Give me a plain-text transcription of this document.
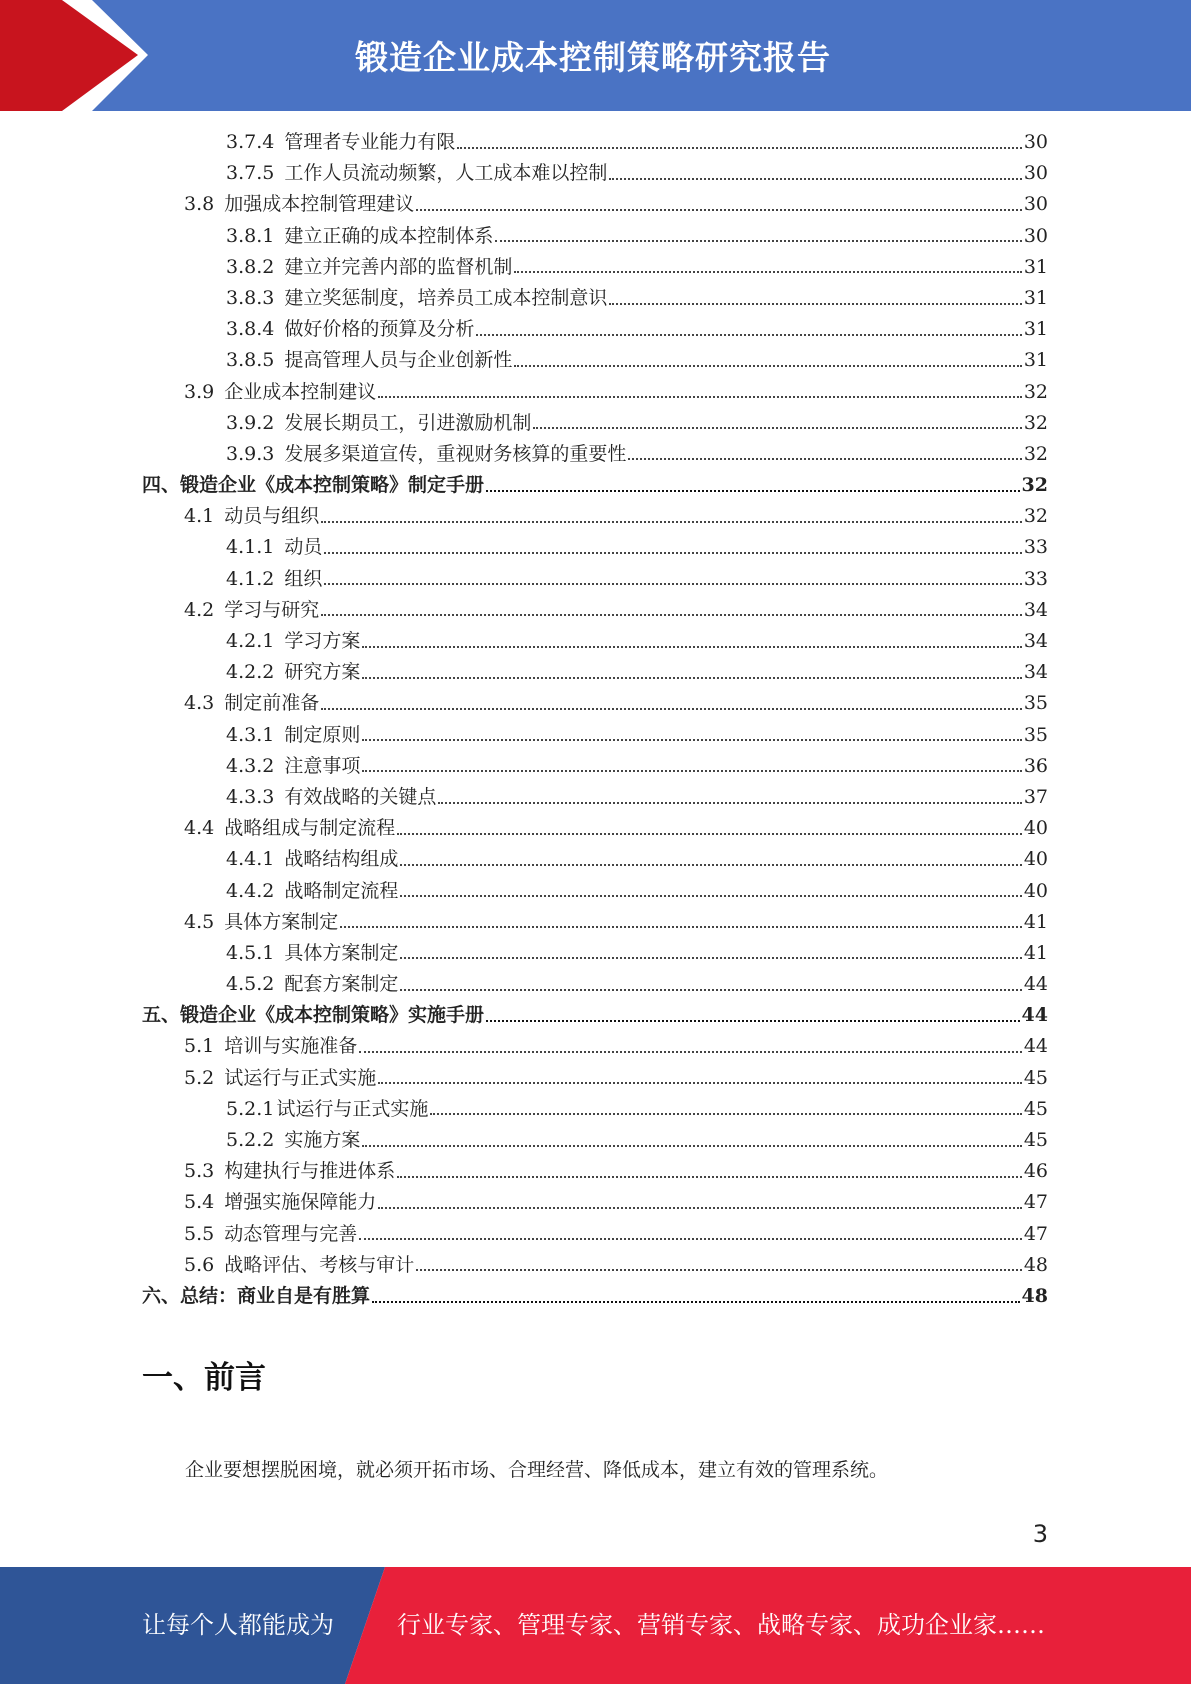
锻造企业成本控制策略研究报告
3.7.4 管理者专业能力有限	30
3.7.5 工作人员流动频繁，人工成本难以控制	30
3.8 加强成本控制管理建议	30
3.8.1 建立正确的成本控制体系	30
3.8.2 建立并完善内部的监督机制	31
3.8.3 建立奖惩制度，培养员工成本控制意识	31
3.8.4 做好价格的预算及分析	31
3.8.5 提高管理人员与企业创新性	31
3.9 企业成本控制建议	32
3.9.2 发展长期员工，引进激励机制	32
3.9.3 发展多渠道宣传，重视财务核算的重要性	32
四、锻造企业《成本控制策略》制定手册	32
4.1 动员与组织	32
4.1.1 动员	33
4.1.2 组织	33
4.2 学习与研究	34
4.2.1 学习方案	34
4.2.2 研究方案	34
4.3 制定前准备	35
4.3.1 制定原则	35
4.3.2 注意事项	36
4.3.3 有效战略的关键点	37
4.4 战略组成与制定流程	40
4.4.1 战略结构组成	40
4.4.2 战略制定流程	40
4.5 具体方案制定	41
4.5.1 具体方案制定	41
4.5.2 配套方案制定	44
五、锻造企业《成本控制策略》实施手册	44
5.1 培训与实施准备	44
5.2 试运行与正式实施	45
5.2.1 试运行与正式实施	45
5.2.2 实施方案	45
5.3 构建执行与推进体系	46
5.4 增强实施保障能力	47
5.5 动态管理与完善	47
5.6 战略评估、考核与审计	48
六、总结：商业自是有胜算	48
一、前言
企业要想摆脱困境，就必须开拓市场、合理经营、降低成本，建立有效的管理系统。
3
让每个人都能成为	行业专家、管理专家、营销专家、战略专家、成功企业家……
